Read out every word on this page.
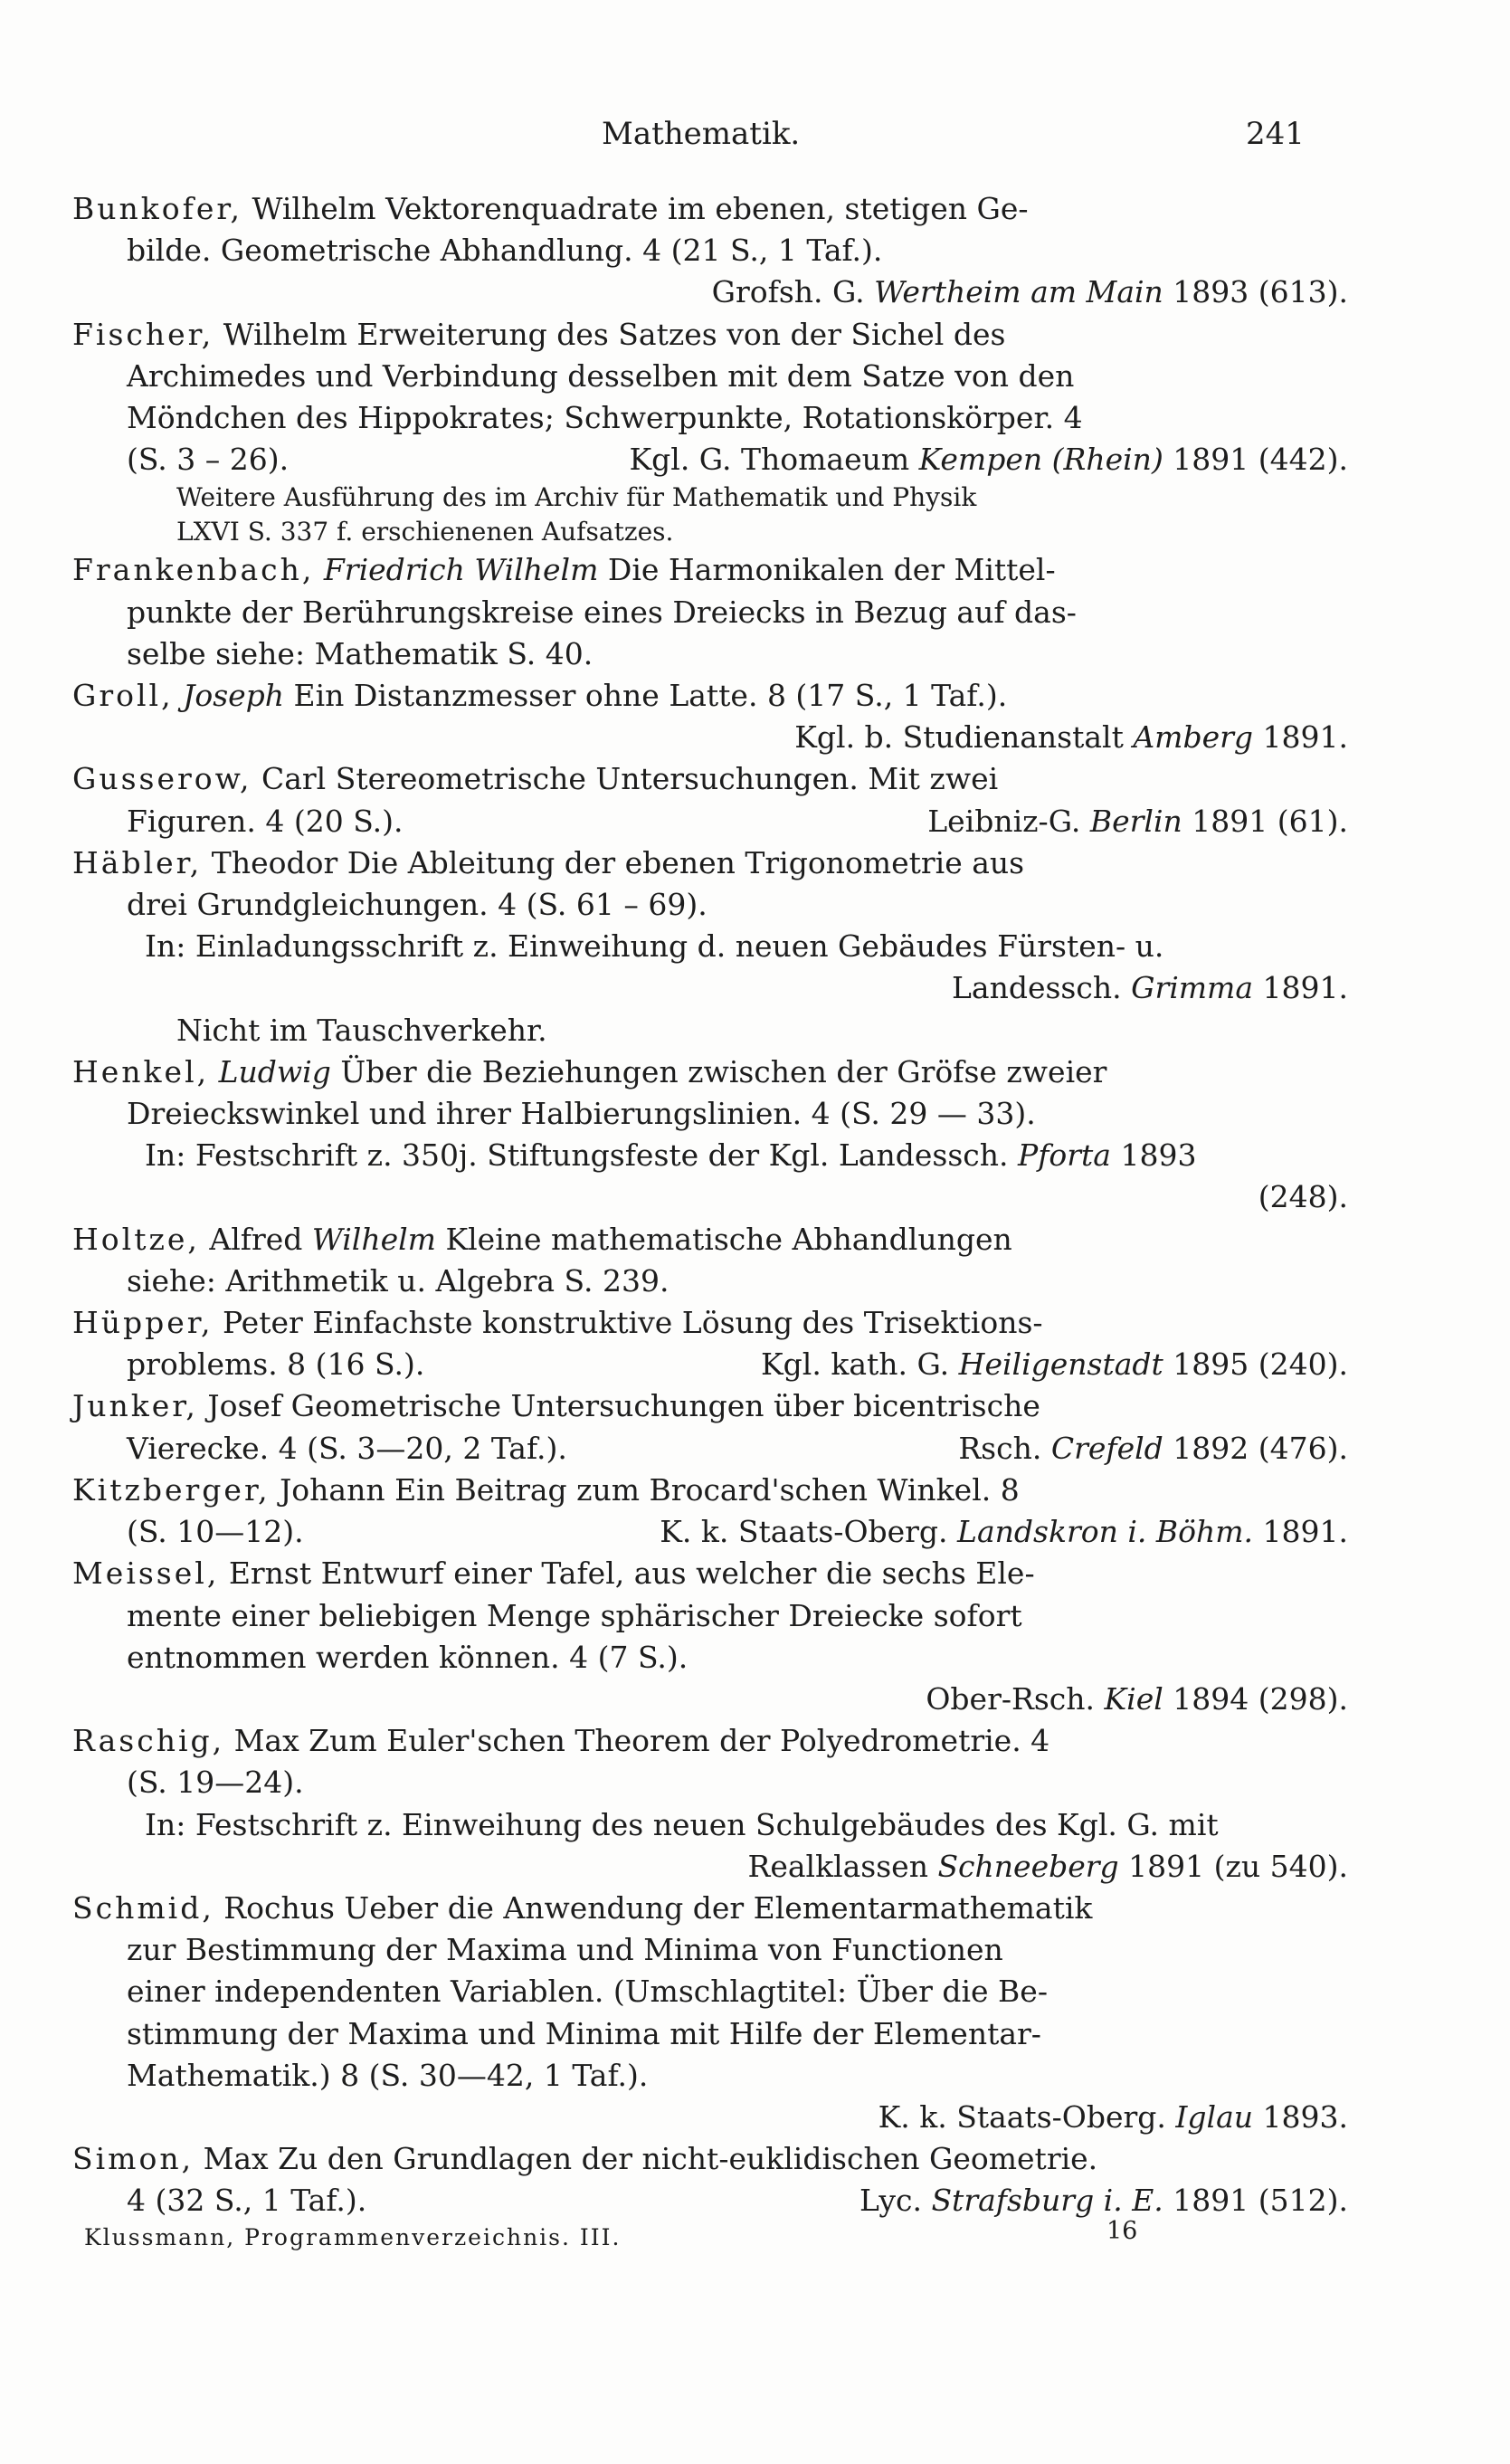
Mathematik.	241
Bunkofer, Wilhelm Vektorenquadrate im ebenen, stetigen Ge-
bilde. Geometrische Abhandlung. 4 (21 S., 1 Taf.).
Grofsh. G. Wertheim am Main 1893 (613).
Fischer, Wilhelm Erweiterung des Satzes von der Sichel des
Archimedes und Verbindung desselben mit dem Satze von den
Möndchen des Hippokrates; Schwerpunkte, Rotationskörper. 4
(S. 3 – 26).	Kgl. G. Thomaeum Kempen (Rhein) 1891 (442).
Weitere Ausführung des im Archiv für Mathematik und Physik
LXVI S. 337 f. erschienenen Aufsatzes.
Frankenbach, Friedrich Wilhelm Die Harmonikalen der Mittel-
punkte der Berührungskreise eines Dreiecks in Bezug auf das-
selbe siehe: Mathematik S. 40.
Groll, Joseph Ein Distanzmesser ohne Latte. 8 (17 S., 1 Taf.).
Kgl. b. Studienanstalt Amberg 1891.
Gusserow, Carl Stereometrische Untersuchungen. Mit zwei
Figuren. 4 (20 S.).	Leibniz-G. Berlin 1891 (61).
Häbler, Theodor Die Ableitung der ebenen Trigonometrie aus
drei Grundgleichungen. 4 (S. 61 – 69).
In: Einladungsschrift z. Einweihung d. neuen Gebäudes Fürsten- u.
Landessch. Grimma 1891.
Nicht im Tauschverkehr.
Henkel, Ludwig Über die Beziehungen zwischen der Gröfse zweier
Dreieckswinkel und ihrer Halbierungslinien. 4 (S. 29 — 33).
In: Festschrift z. 350j. Stiftungsfeste der Kgl. Landessch. Pforta 1893
(248).
Holtze, Alfred Wilhelm Kleine mathematische Abhandlungen
siehe: Arithmetik u. Algebra S. 239.
Hüpper, Peter Einfachste konstruktive Lösung des Trisektions-
problems. 8 (16 S.).	Kgl. kath. G. Heiligenstadt 1895 (240).
Junker, Josef Geometrische Untersuchungen über bicentrische
Vierecke. 4 (S. 3—20, 2 Taf.).	Rsch. Crefeld 1892 (476).
Kitzberger, Johann Ein Beitrag zum Brocard'schen Winkel. 8
(S. 10—12).	K. k. Staats-Oberg. Landskron i. Böhm. 1891.
Meissel, Ernst Entwurf einer Tafel, aus welcher die sechs Ele-
mente einer beliebigen Menge sphärischer Dreiecke sofort
entnommen werden können. 4 (7 S.).
Ober-Rsch. Kiel 1894 (298).
Raschig, Max Zum Euler'schen Theorem der Polyedrometrie. 4
(S. 19—24).
In: Festschrift z. Einweihung des neuen Schulgebäudes des Kgl. G. mit
Realklassen Schneeberg 1891 (zu 540).
Schmid, Rochus Ueber die Anwendung der Elementarmathematik
zur Bestimmung der Maxima und Minima von Functionen
einer independenten Variablen. (Umschlagtitel: Über die Be-
stimmung der Maxima und Minima mit Hilfe der Elementar-
Mathematik.) 8 (S. 30—42, 1 Taf.).
K. k. Staats-Oberg. Iglau 1893.
Simon, Max Zu den Grundlagen der nicht-euklidischen Geometrie.
4 (32 S., 1 Taf.).	Lyc. Strafsburg i. E. 1891 (512).
Klussmann, Programmenverzeichnis. III.	16
